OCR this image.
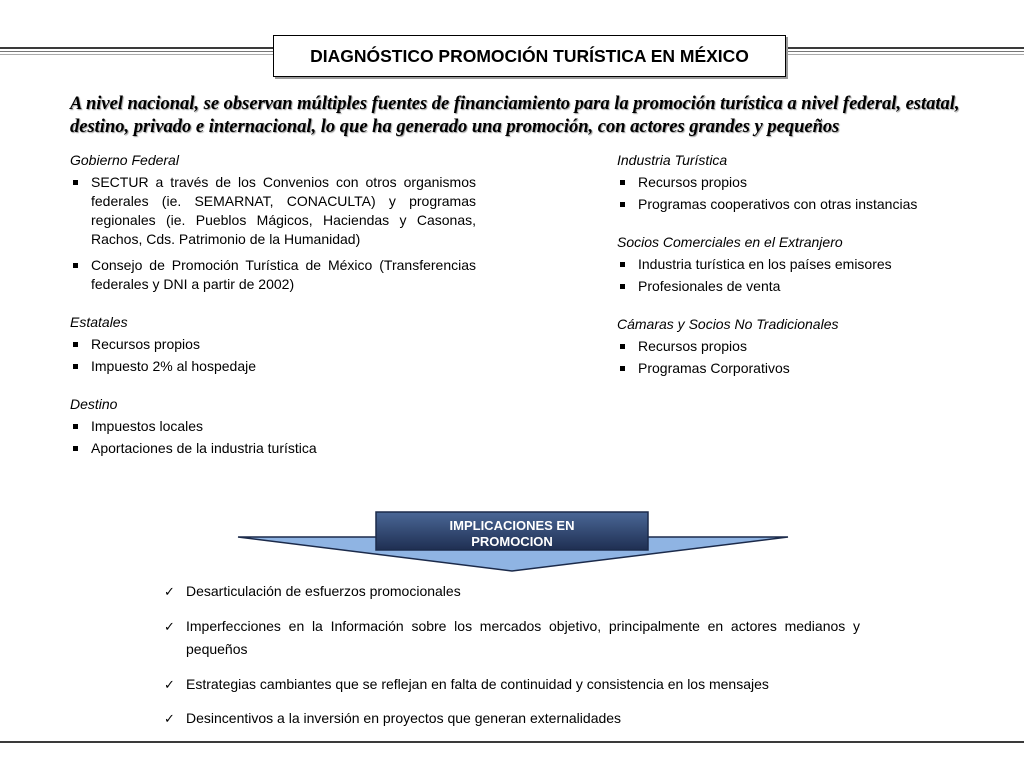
DIAGNÓSTICO PROMOCIÓN TURÍSTICA EN MÉXICO
A nivel nacional, se observan múltiples fuentes de financiamiento para la promoción turística a nivel federal, estatal, destino, privado e internacional, lo que ha generado una promoción, con actores grandes y pequeños
Gobierno Federal
SECTUR a través de los Convenios con otros organismos federales (ie. SEMARNAT, CONACULTA) y programas regionales (ie. Pueblos Mágicos, Haciendas y Casonas, Rachos, Cds. Patrimonio de la Humanidad)
Consejo de Promoción Turística de México (Transferencias federales y DNI a partir de 2002)
Estatales
Recursos propios
Impuesto 2% al hospedaje
Destino
Impuestos locales
Aportaciones de la industria turística
Industria Turística
Recursos propios
Programas cooperativos con otras instancias
Socios Comerciales en el Extranjero
Industria turística en los países emisores
Profesionales de venta
Cámaras y Socios No Tradicionales
Recursos propios
Programas Corporativos
IMPLICACIONES EN
PROMOCION
✓ Desarticulación de esfuerzos promocionales
✓ Imperfecciones en la Información sobre los mercados objetivo, principalmente en actores medianos y pequeños
✓ Estrategias cambiantes que se reflejan en falta de continuidad y consistencia en los mensajes
✓ Desincentivos a la inversión en proyectos que generan externalidades
